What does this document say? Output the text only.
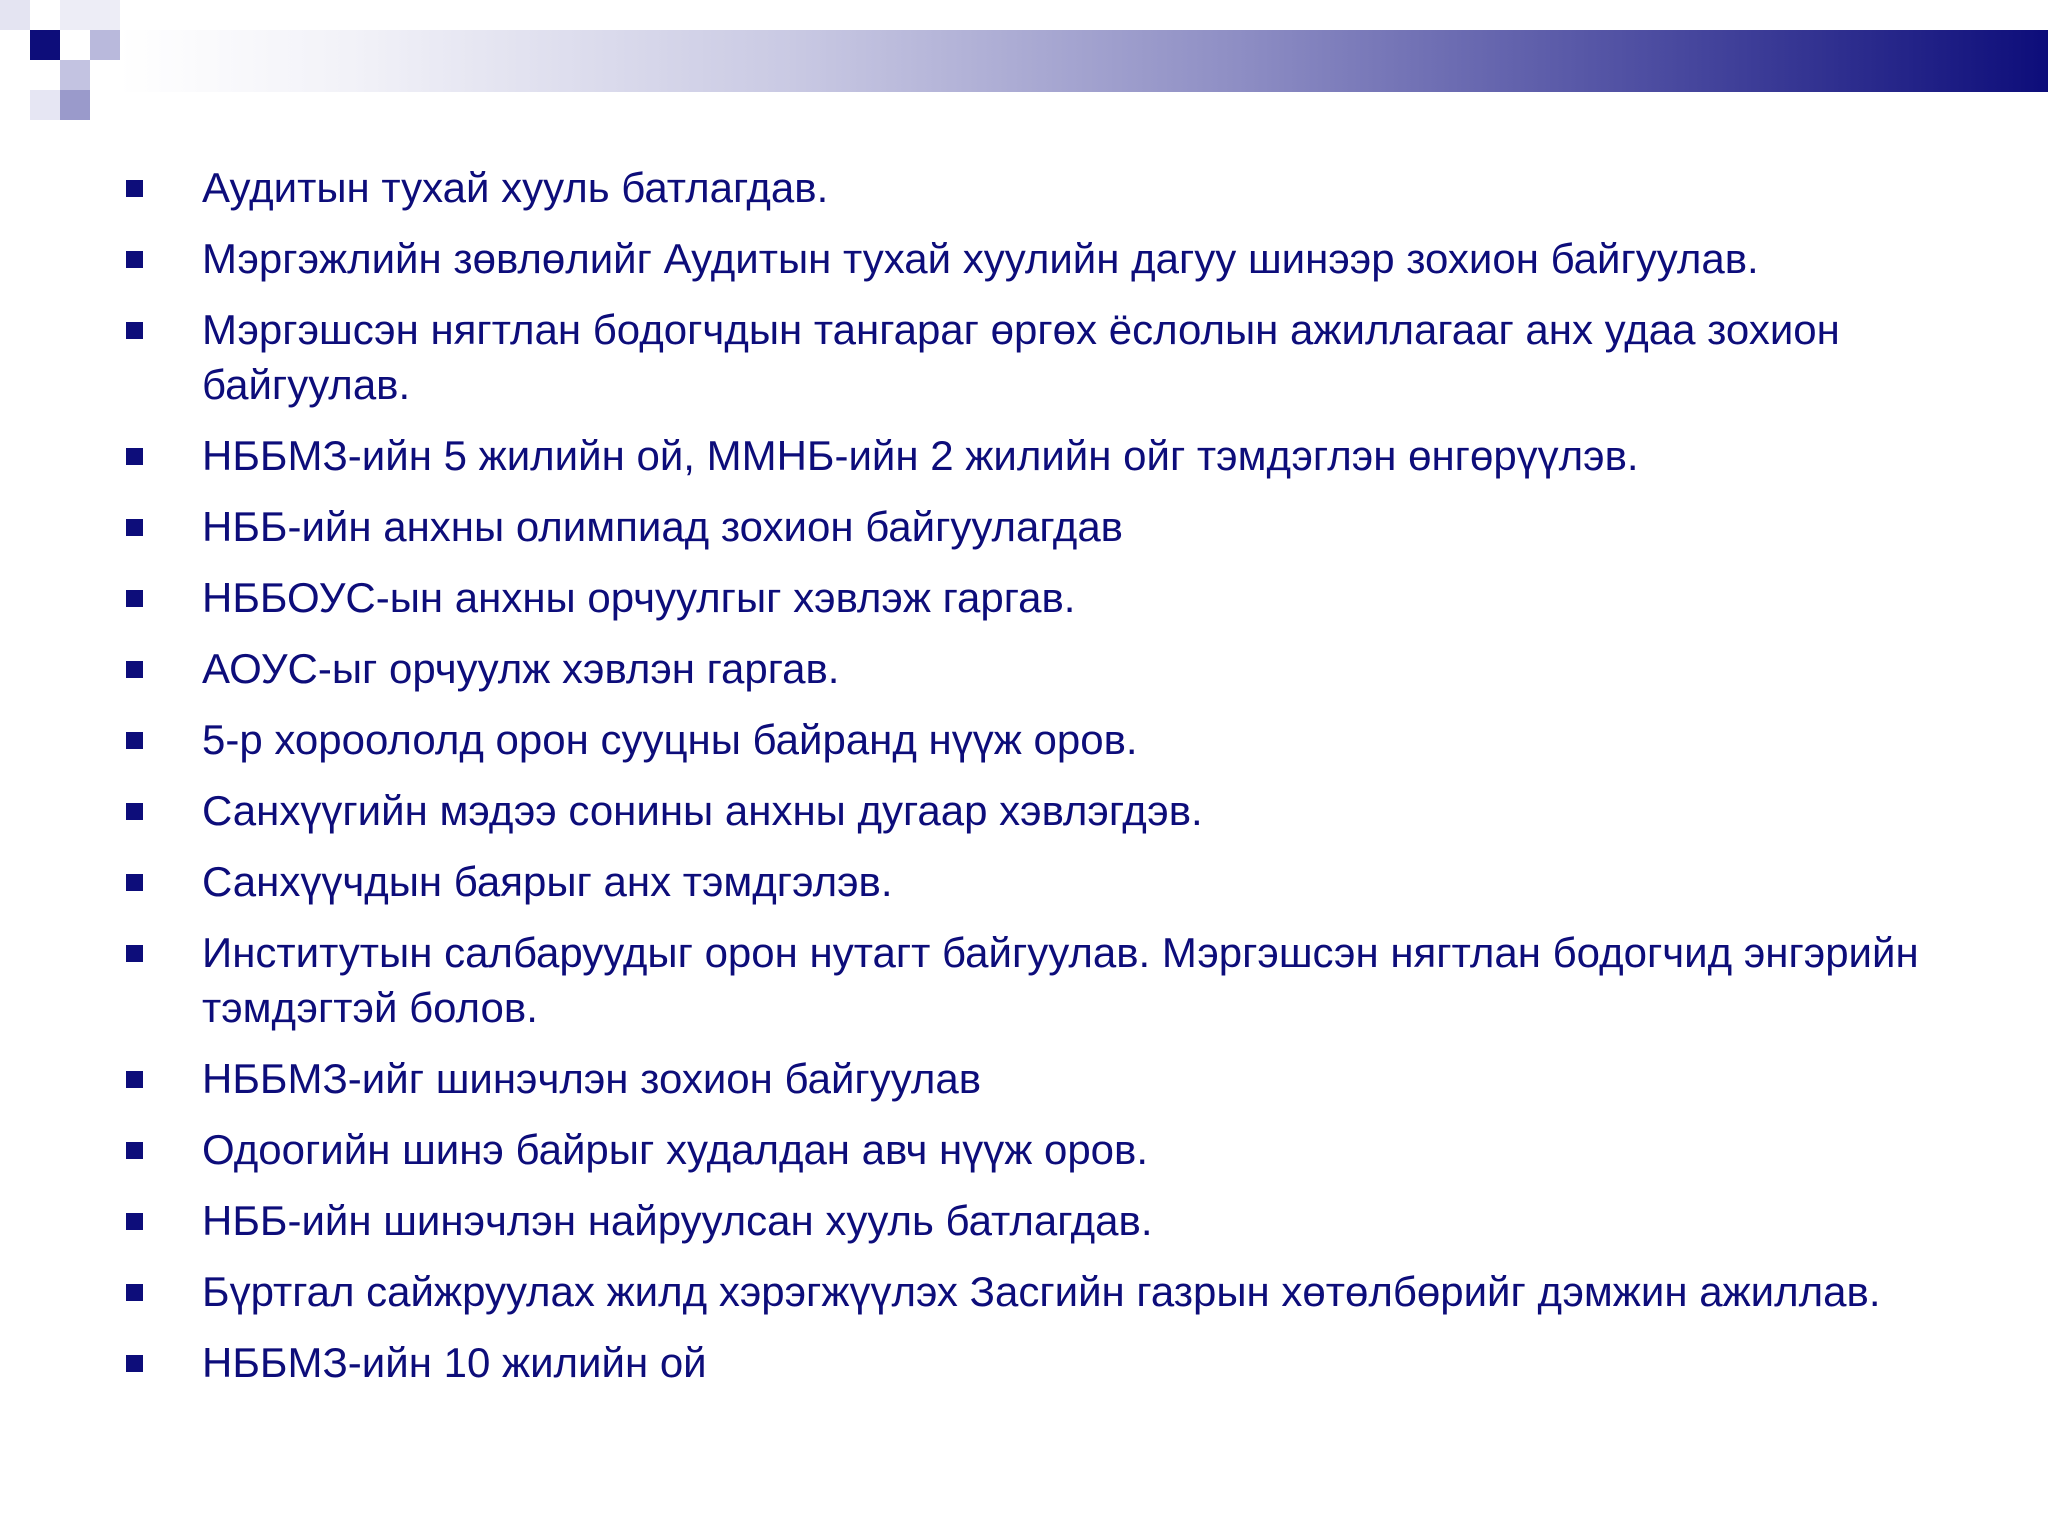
Аудитын тухай хууль батлагдав.
Мэргэжлийн зөвлөлийг Аудитын тухай хуулийн дагуу шинээр зохион байгуулав.
Мэргэшсэн нягтлан бодогчдын тангараг өргөх ёслолын ажиллагааг анх удаа зохион байгуулав.
НББМЗ-ийн 5 жилийн ой, ММНБ-ийн 2 жилийн ойг тэмдэглэн өнгөрүүлэв.
НББ-ийн анхны олимпиад зохион байгуулагдав
НББОУС-ын анхны орчуулгыг хэвлэж гаргав.
АОУС-ыг орчуулж хэвлэн гаргав.
5-р хороололд орон сууцны байранд нүүж оров.
Санхүүгийн мэдээ сонины анхны дугаар хэвлэгдэв.
Санхүүчдын баярыг анх тэмдгэлэв.
Институтын салбаруудыг орон нутагт байгуулав. Мэргэшсэн нягтлан бодогчид энгэрийн тэмдэгтэй болов.
НББМЗ-ийг шинэчлэн зохион байгуулав
Одоогийн шинэ байрыг худалдан авч нүүж оров.
НББ-ийн шинэчлэн найруулсан хууль батлагдав.
Бүртгал сайжруулах жилд хэрэгжүүлэх Засгийн газрын хөтөлбөрийг дэмжин ажиллав.
НББМЗ-ийн 10 жилийн ой
